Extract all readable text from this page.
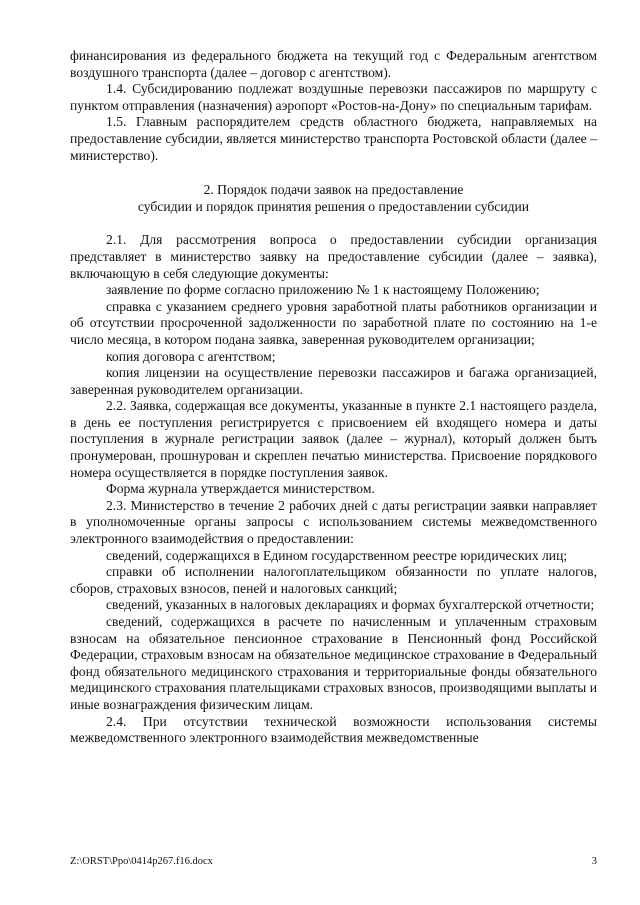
финансирования из федерального бюджета на текущий год с Федеральным агентством воздушного транспорта (далее – договор с агентством).

1.4. Субсидированию подлежат воздушные перевозки пассажиров по маршруту с пунктом отправления (назначения) аэропорт «Ростов-на-Дону» по специальным тарифам.

1.5. Главным распорядителем средств областного бюджета, направляемых на предоставление субсидии, является министерство транспорта Ростовской области (далее – министерство).

2. Порядок подачи заявок на предоставление

субсидии и порядок принятия решения о предоставлении субсидии

2.1. Для рассмотрения вопроса о предоставлении субсидии организация представляет в министерство заявку на предоставление субсидии (далее – заявка), включающую в себя следующие документы:

заявление по форме согласно приложению № 1 к настоящему Положению;

справка с указанием среднего уровня заработной платы работников организации и об отсутствии просроченной задолженности по заработной плате по состоянию на 1-е число месяца, в котором подана заявка, заверенная руководителем организации;

копия договора с агентством;

копия лицензии на осуществление перевозки пассажиров и багажа организацией, заверенная руководителем организации.

2.2. Заявка, содержащая все документы, указанные в пункте 2.1 настоящего раздела, в день ее поступления регистрируется с присвоением ей входящего номера и даты поступления в журнале регистрации заявок (далее – журнал), который должен быть пронумерован, прошнурован и скреплен печатью министерства. Присвоение порядкового номера осуществляется в порядке поступления заявок.

Форма журнала утверждается министерством.

2.3. Министерство в течение 2 рабочих дней с даты регистрации заявки направляет в уполномоченные органы запросы с использованием системы межведомственного электронного взаимодействия о предоставлении:

сведений, содержащихся в Едином государственном реестре юридических лиц;

справки об исполнении налогоплательщиком обязанности по уплате налогов, сборов, страховых взносов, пеней и налоговых санкций;

сведений, указанных в налоговых декларациях и формах бухгалтерской отчетности;

сведений, содержащихся в расчете по начисленным и уплаченным страховым взносам на обязательное пенсионное страхование в Пенсионный фонд Российской Федерации, страховым взносам на обязательное медицинское страхование в Федеральный фонд обязательного медицинского страхования и территориальные фонды обязательного медицинского страхования плательщиками страховых взносов, производящими выплаты и иные вознаграждения физическим лицам.

2.4. При отсутствии технической возможности использования системы межведомственного электронного взаимодействия межведомственные

Z:\ORST\Ppo\0414p267.f16.docx	3
